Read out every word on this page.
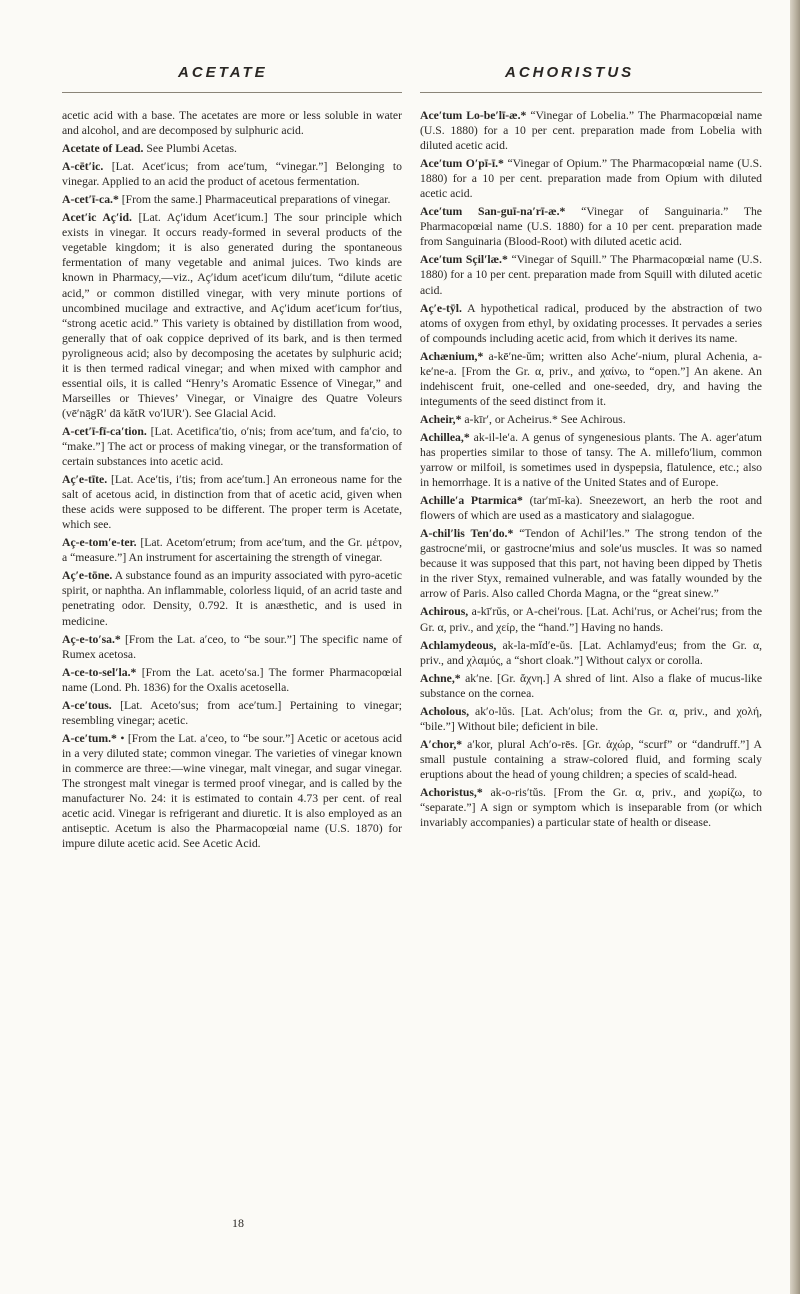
ACETATE	ACHORISTUS

acetic acid with a base. The acetates are more or less soluble in water and alcohol, and are decomposed by sulphuric acid.

Acetate of Lead. See Plumbi Acetas.

A-cēt′ic. [Lat. Acet′icus; from ace′tum, “vinegar.”] Belonging to vinegar. Applied to an acid the product of acetous fermentation.

A-cet′ī-ca.* [From the same.] Pharmaceutical preparations of vinegar.

Acet′ic Aç′id. [Lat. Aç′idum Acet′icum.] The sour principle which exists in vinegar. It occurs ready-formed in several products of the vegetable kingdom; it is also generated during the spontaneous fermentation of many vegetable and animal juices. Two kinds are known in Pharmacy,—viz., Aç′idum acet′icum dilu′tum, “dilute acetic acid,” or common distilled vinegar, with very minute portions of uncombined mucilage and extractive, and Aç′idum acet′icum for′tius, “strong acetic acid.” This variety is obtained by distillation from wood, generally that of oak coppice deprived of its bark, and is then termed pyroligneous acid; also by decomposing the acetates by sulphuric acid; it is then termed radical vinegar; and when mixed with camphor and essential oils, it is called “Henry’s Aromatic Essence of Vinegar,” and Marseilles or Thieves’ Vinegar, or Vinaigre des Quatre Voleurs (vē′nā̤gR′ dā kătR vo′lUR′). See Glacial Acid.

A-cet′ī-fī-ca′tion. [Lat. Acetifica′tio, o′nis; from ace′tum, and fa′cio, to “make.”] The act or process of making vinegar, or the transformation of certain substances into acetic acid.

Aç′e-tīte. [Lat. Ace′tis, i′tis; from ace′tum.] An erroneous name for the salt of acetous acid, in distinction from that of acetic acid, given when these acids were supposed to be different. The proper term is Acetate, which see.

Aç-e-tom′e-ter. [Lat. Acetom′etrum; from ace′tum, and the Gr. μέτρον, a “measure.”] An instrument for ascertaining the strength of vinegar.

Aç′e-tōne. A substance found as an impurity associated with pyro-acetic spirit, or naphtha. An inflammable, colorless liquid, of an acrid taste and penetrating odor. Density, 0.792. It is anæsthetic, and is used in medicine.

Aç-e-to′sa.* [From the Lat. a′ceo, to “be sour.”] The specific name of Rumex acetosa.

A-ce-to-sel′la.* [From the Lat. aceto′sa.] The former Pharmacopœial name (Lond. Ph. 1836) for the Oxalis acetosella.

A-ce′tous. [Lat. Aceto′sus; from ace′tum.] Pertaining to vinegar; resembling vinegar; acetic.

A-ce′tum.* • [From the Lat. a′ceo, to “be sour.”] Acetic or acetous acid in a very diluted state; common vinegar. The varieties of vinegar known in commerce are three:—wine vinegar, malt vinegar, and sugar vinegar. The strongest malt vinegar is termed proof vinegar, and is called by the manufacturer No. 24: it is estimated to contain 4.73 per cent. of real acetic acid. Vinegar is refrigerant and diuretic. It is also employed as an antiseptic. Acetum is also the Pharmacopœial name (U.S. 1870) for impure dilute acetic acid. See Acetic Acid.

Ace′tum Lo-be′lī-æ.* “Vinegar of Lobelia.” The Pharmacopœial name (U.S. 1880) for a 10 per cent. preparation made from Lobelia with diluted acetic acid.

Ace′tum O′pī-ī.* “Vinegar of Opium.” The Pharmacopœial name (U.S. 1880) for a 10 per cent. preparation made from Opium with diluted acetic acid.

Ace′tum San-guī-na′rī-æ.* “Vinegar of Sanguinaria.” The Pharmacopœial name (U.S. 1880) for a 10 per cent. preparation made from Sanguinaria (Blood-Root) with diluted acetic acid.

Ace′tum Sçil′læ.* “Vinegar of Squill.” The Pharmacopœial name (U.S. 1880) for a 10 per cent. preparation made from Squill with diluted acetic acid.

Aç′e-tȳl. A hypothetical radical, produced by the abstraction of two atoms of oxygen from ethyl, by oxidating processes. It pervades a series of compounds including acetic acid, from which it derives its name.

Achænium,* a-kē′ne-ŭm; written also Ache′-nium, plural Achenia, a-ke′ne-a. [From the Gr. α, priv., and χαίνω, to “open.”] An akene. An indehiscent fruit, one-celled and one-seeded, dry, and having the integuments of the seed distinct from it.

Acheir,* a-kīr′, or Acheirus.* See Achirous.

Achillea,* ak-il-le′a. A genus of syngenesious plants. The A. ager′atum has properties similar to those of tansy. The A. millefo′lium, common yarrow or milfoil, is sometimes used in dyspepsia, flatulence, etc.; also in hemorrhage. It is a native of the United States and of Europe.

Achille′a Ptarmica* (tar′mī-ka). Sneezewort, an herb the root and flowers of which are used as a masticatory and sialagogue.

A-chil′lis Ten′do.* “Tendon of Achil′les.” The strong tendon of the gastrocne′mii, or gastrocne′mius and sole′us muscles. It was so named because it was supposed that this part, not having been dipped by Thetis in the river Styx, remained vulnerable, and was fatally wounded by the arrow of Paris. Also called Chorda Magna, or the “great sinew.”

Achirous, a-kī′rŭs, or A-chei′rous. [Lat. Achi′rus, or Achei′rus; from the Gr. α, priv., and χείρ, the “hand.”] Having no hands.

Achlamydeous, ak-la-mĭd′e-ŭs. [Lat. Achlamyd′eus; from the Gr. α, priv., and χλαμύς, a “short cloak.”] Without calyx or corolla.

Achne,* ak′ne. [Gr. ἄχνη.] A shred of lint. Also a flake of mucus-like substance on the cornea.

Acholous, ak′o-lŭs. [Lat. Ach′olus; from the Gr. α, priv., and χολή, “bile.”] Without bile; deficient in bile.

A′chor,* a′kor, plural Ach′o-rēs. [Gr. ἀχώρ, “scurf” or “dandruff.”] A small pustule containing a straw-colored fluid, and forming scaly eruptions about the head of young children; a species of scald-head.

Achoristus,* ak-o-ris′tŭs. [From the Gr. α, priv., and χωρίζω, to “separate.”] A sign or symptom which is inseparable from (or which invariably accompanies) a particular state of health or disease.

18
